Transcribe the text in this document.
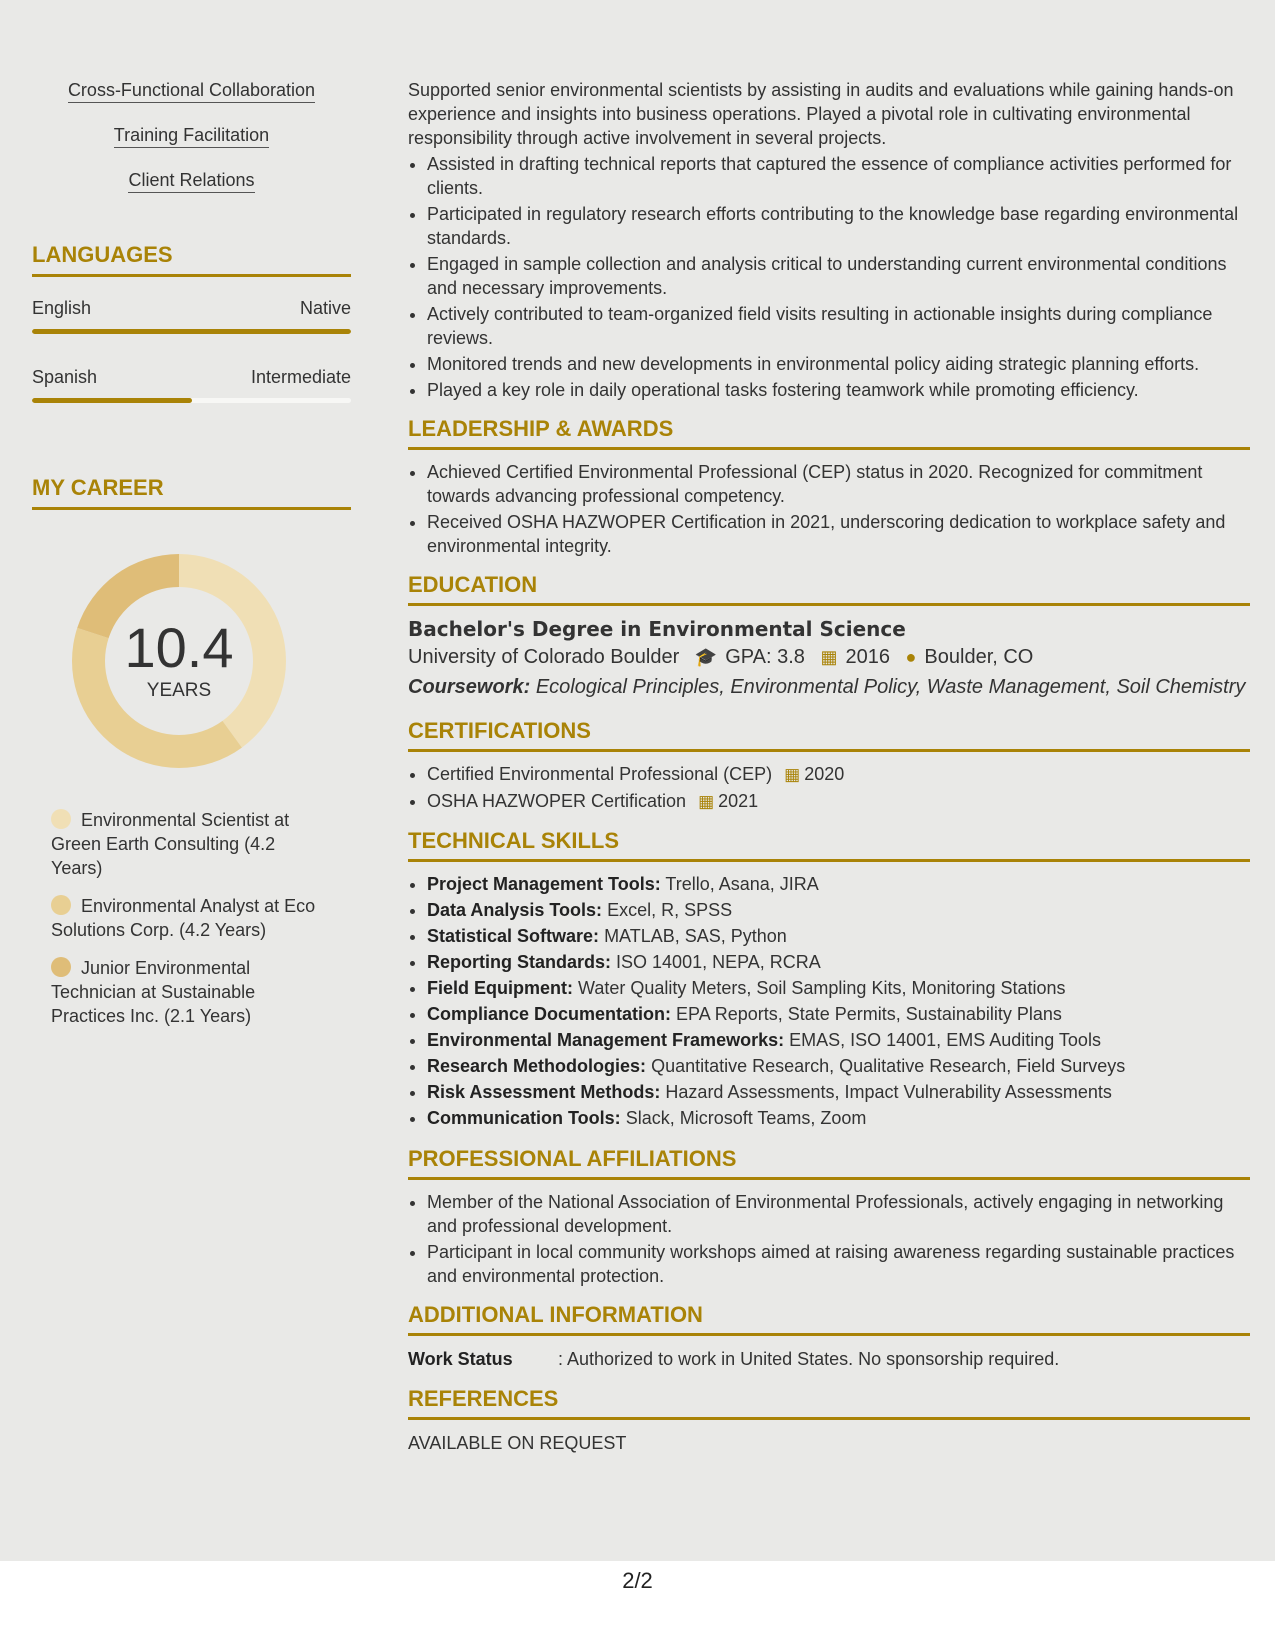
Cross-Functional Collaboration
Training Facilitation
Client Relations
LANGUAGES
English	Native
Spanish	Intermediate
MY CAREER
10.4
YEARS
Environmental Scientist at Green Earth Consulting (4.2 Years)
Environmental Analyst at Eco Solutions Corp. (4.2 Years)
Junior Environmental Technician at Sustainable Practices Inc. (2.1 Years)

Supported senior environmental scientists by assisting in audits and evaluations while gaining hands-on experience and insights into business operations. Played a pivotal role in cultivating environmental responsibility through active involvement in several projects.

• Assisted in drafting technical reports that captured the essence of compliance activities performed for clients.
• Participated in regulatory research efforts contributing to the knowledge base regarding environmental standards.
• Engaged in sample collection and analysis critical to understanding current environmental conditions and necessary improvements.
• Actively contributed to team-organized field visits resulting in actionable insights during compliance reviews.
• Monitored trends and new developments in environmental policy aiding strategic planning efforts.
• Played a key role in daily operational tasks fostering teamwork while promoting efficiency.
LEADERSHIP & AWARDS
• Achieved Certified Environmental Professional (CEP) status in 2020. Recognized for commitment towards advancing professional competency.
• Received OSHA HAZWOPER Certification in 2021, underscoring dedication to workplace safety and environmental integrity.
EDUCATION
Bachelor's Degree in Environmental Science
University of Colorado Boulder 🎓 GPA: 3.8 ▦ 2016 ● Boulder, CO
Coursework: Ecological Principles, Environmental Policy, Waste Management, Soil Chemistry
CERTIFICATIONS
• Certified Environmental Professional (CEP) ▦ 2020
• OSHA HAZWOPER Certification ▦ 2021
TECHNICAL SKILLS
• Project Management Tools: Trello, Asana, JIRA
• Data Analysis Tools: Excel, R, SPSS
• Statistical Software: MATLAB, SAS, Python
• Reporting Standards: ISO 14001, NEPA, RCRA
• Field Equipment: Water Quality Meters, Soil Sampling Kits, Monitoring Stations
• Compliance Documentation: EPA Reports, State Permits, Sustainability Plans
• Environmental Management Frameworks: EMAS, ISO 14001, EMS Auditing Tools
• Research Methodologies: Quantitative Research, Qualitative Research, Field Surveys
• Risk Assessment Methods: Hazard Assessments, Impact Vulnerability Assessments
• Communication Tools: Slack, Microsoft Teams, Zoom
PROFESSIONAL AFFILIATIONS
• Member of the National Association of Environmental Professionals, actively engaging in networking and professional development.
• Participant in local community workshops aimed at raising awareness regarding sustainable practices and environmental protection.
ADDITIONAL INFORMATION
Work Status	: Authorized to work in United States. No sponsorship required.
REFERENCES
AVAILABLE ON REQUEST
2/2
